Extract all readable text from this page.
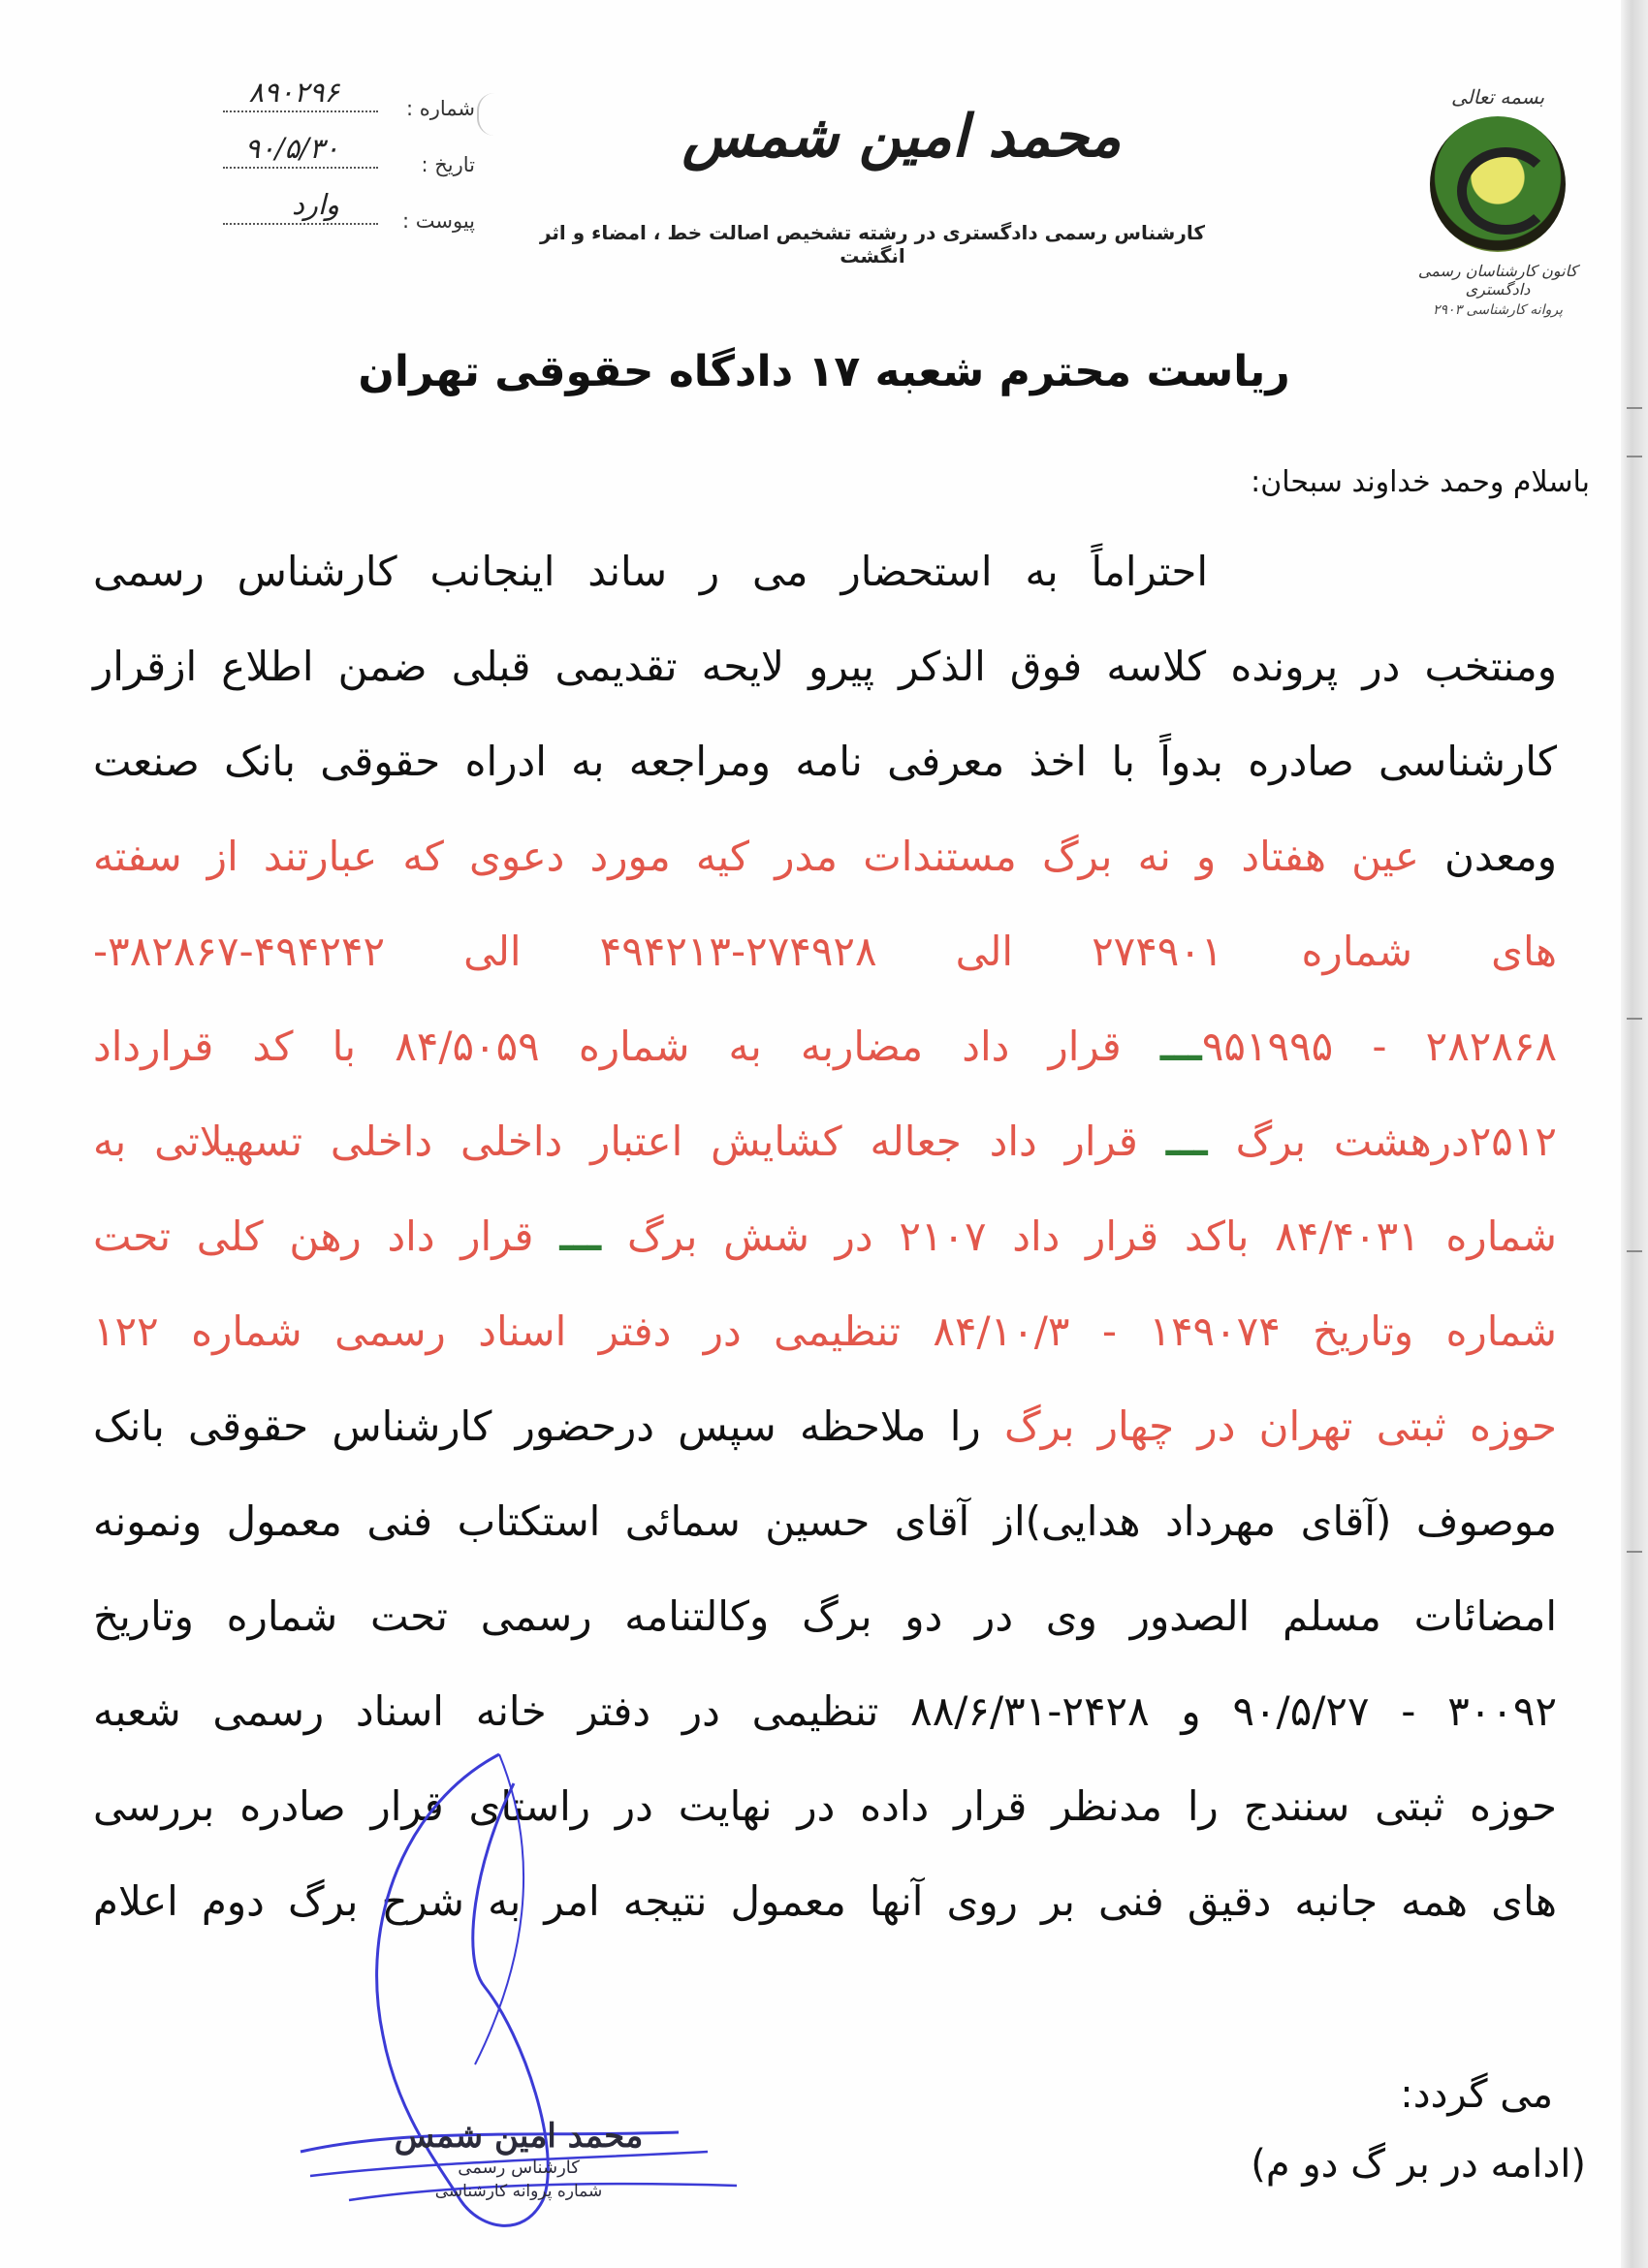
شماره :
۸۹۰۲۹۶
تاریخ :
۹۰/۵/۳۰
پیوست :
وارد
محمد امین شمس
کارشناس رسمی دادگستری در رشته تشخیص اصالت خط ، امضاء و اثر انگشت
بسمه تعالی
کانون کارشناسان رسمی دادگستری
پروانه کارشناسی ۲۹۰۳
ریاست محترم شعبه ۱۷ دادگاه حقوقی تهران
باسلام وحمد خداوند سبحان:
احتراماً به استحضار می ر ساند اینجانب کارشناس رسمی
ومنتخب در پرونده کلاسه فوق الذکر پیرو لایحه تقدیمی قبلی ضمن اطلاع ازقرار
کارشناسی صادره بدواً با اخذ معرفی نامه ومراجعه به ادراه حقوقی بانک صنعت
ومعدن عین هفتاد و نه برگ مستندات مدر کیه مورد دعوی که عبارتند از سفته
های شماره ۲۷۴۹۰۱ الی ۲۷۴۹۲۸-۴۹۴۲۱۳ الی ۴۹۴۲۴۲-۳۸۲۸۶۷-
۲۸۲۸۶۸ - ۹۵۱۹۹۵ـــ قرار داد مضاربه به شماره ۸۴/۵۰۵۹ با کد قرارداد
۲۵۱۲درهشت برگ ـــ قرار داد جعاله کشایش اعتبار داخلی داخلی تسهیلاتی به
شماره ۸۴/۴۰۳۱ باکد قرار داد ۲۱۰۷ در شش برگ ـــ قرار داد رهن کلی تحت
شماره وتاریخ ۱۴۹۰۷۴ - ۸۴/۱۰/۳ تنظیمی در دفتر اسناد رسمی شماره ۱۲۲
حوزه ثبتی تهران در چهار برگ را ملاحظه سپس درحضور کارشناس حقوقی بانک
موصوف (آقای مهرداد هدایی)از آقای حسین سمائی استکتاب فنی معمول ونمونه
امضائات مسلم الصدور وی در دو برگ وکالتنامه رسمی تحت شماره وتاریخ
۳۰۰۹۲ - ۹۰/۵/۲۷ و ۲۴۲۸-۸۸/۶/۳۱ تنظیمی در دفتر خانه اسناد رسمی شعبه
حوزه ثبتی سنندج را مدنظر قرار داده در نهایت در راستای قرار صادره بررسی
های همه جانبه دقیق فنی بر روی آنها معمول نتیجه امر به شرح برگ دوم اعلام
محمد امین شمس
کارشناس رسمی
شماره پروانه کارشناسی
می گردد:
(ادامه در بر گ دو م)
